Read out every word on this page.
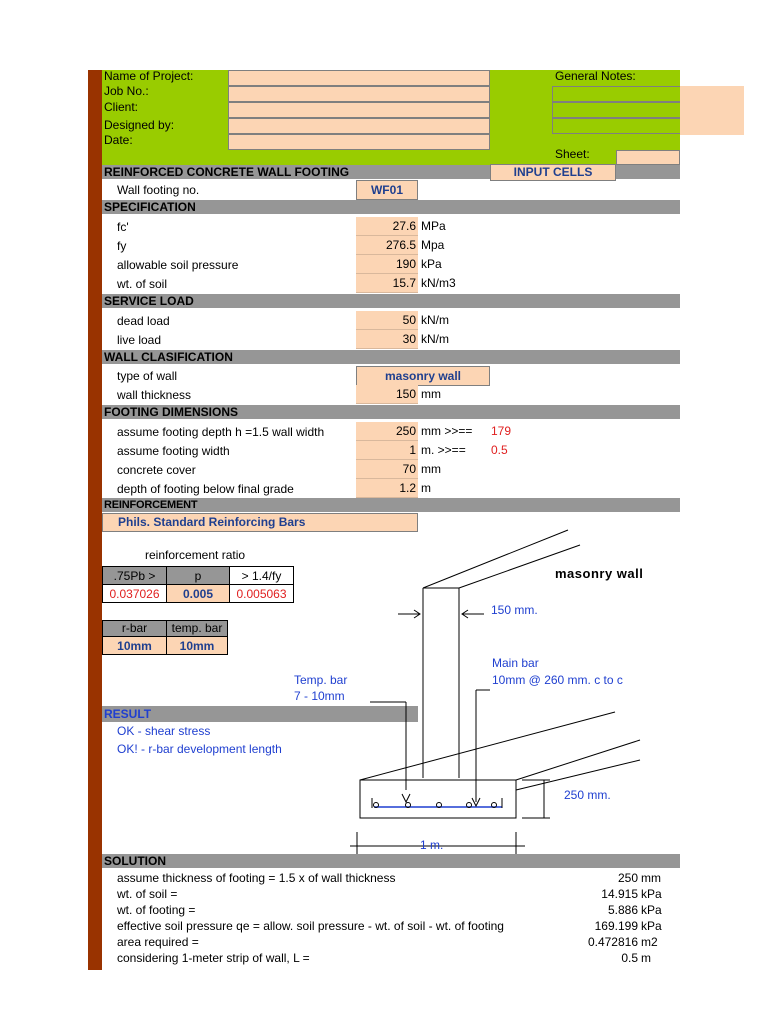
Name of Project:
Job No.:
Client:
Designed by:
Date:
General Notes:
Sheet:
REINFORCED CONCRETE WALL FOOTING	INPUT CELLS
Wall footing no.	WF01
SPECIFICATION
fc'	27.6 MPa
fy	276.5 Mpa
allowable soil pressure	190 kPa
wt. of soil	15.7 kN/m3
SERVICE LOAD
dead load	50 kN/m
live load	30 kN/m
WALL CLASIFICATION
type of wall	masonry wall
wall thickness	150 mm
FOOTING DIMENSIONS
assume footing depth h =1.5 wall width	250 mm >>== 179
assume footing width	1 m. >>== 0.5
concrete cover	70 mm
depth of footing below final grade	1.2 m
REINFORCEMENT
Phils. Standard Reinforcing Bars
reinforcement ratio
.75Pb >	p	> 1.4/fy
0.037026	0.005	0.005063
r-bar	temp. bar
10mm	10mm
RESULT
OK - shear stress
OK! - r-bar development length
masonry wall
150 mm.
Main bar
10mm @ 260 mm. c to c
Temp. bar
7 - 10mm
250 mm.
1 m.
SOLUTION
assume thickness of footing = 1.5 x of wall thickness	250 mm
wt. of soil =	14.915 kPa
wt. of footing =	5.886 kPa
effective soil pressure qe = allow. soil pressure - wt. of soil - wt. of footing	169.199 kPa
area required =	0.472816 m2
considering 1-meter strip of wall, L =	0.5 m
